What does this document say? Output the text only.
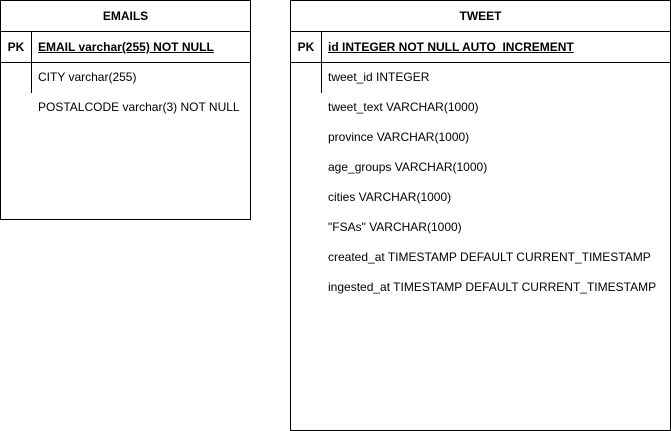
EMAILS
PK	EMAIL varchar(255) NOT NULL
CITY varchar(255)
POSTALCODE varchar(3) NOT NULL
TWEET
PK	id INTEGER NOT NULL AUTO_INCREMENT
tweet_id INTEGER
tweet_text VARCHAR(1000)
province VARCHAR(1000)
age_groups VARCHAR(1000)
cities VARCHAR(1000)
"FSAs" VARCHAR(1000)
created_at TIMESTAMP DEFAULT CURRENT_TIMESTAMP
ingested_at TIMESTAMP DEFAULT CURRENT_TIMESTAMP
